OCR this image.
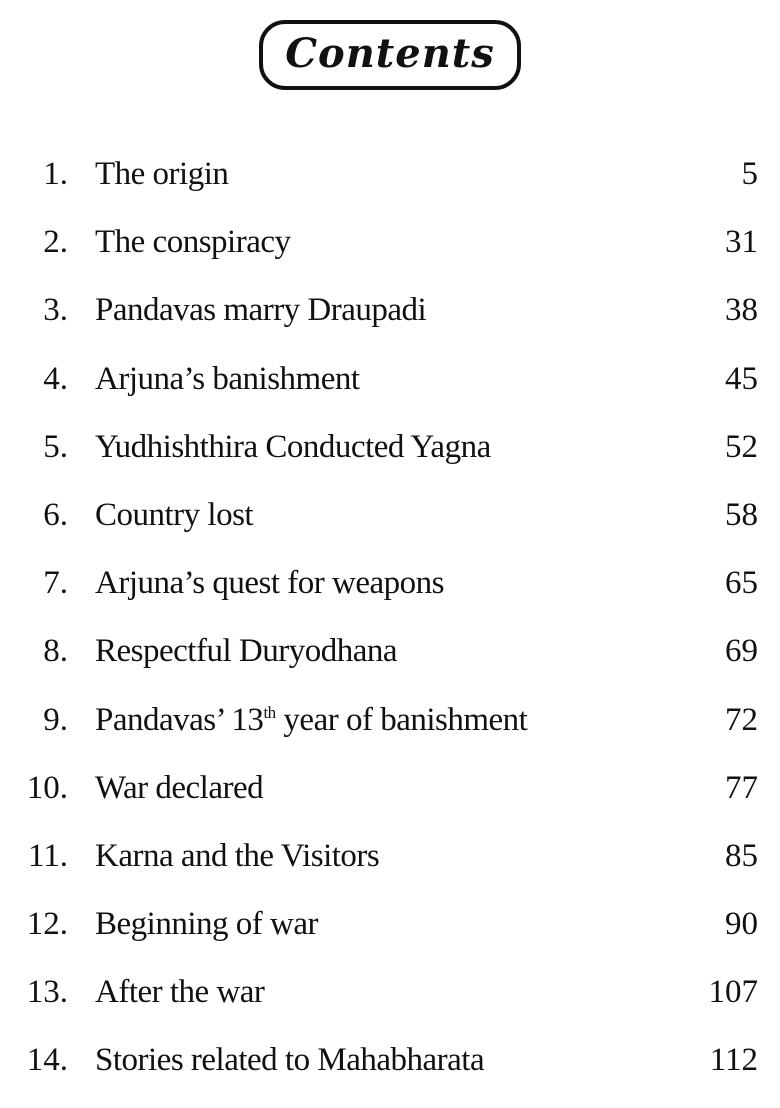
Contents
1. The origin	5
2. The conspiracy	31
3. Pandavas marry Draupadi	38
4. Arjuna’s banishment	45
5. Yudhishthira Conducted Yagna	52
6. Country lost	58
7. Arjuna’s quest for weapons	65
8. Respectful Duryodhana	69
9. Pandavas’ 13th year of banishment	72
10. War declared	77
11. Karna and the Visitors	85
12. Beginning of war	90
13. After the war	107
14. Stories related to Mahabharata	112
